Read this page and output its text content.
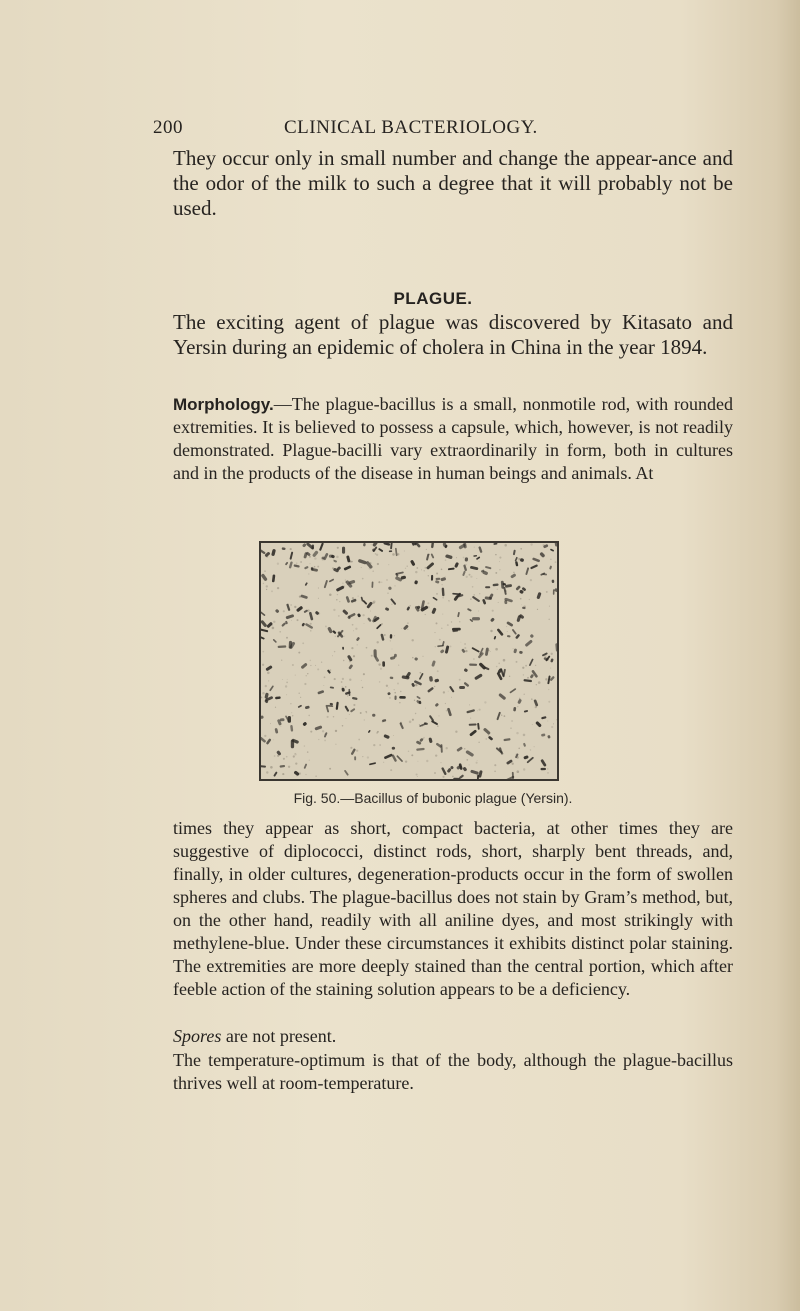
200	CLINICAL BACTERIOLOGY.

They occur only in small number and change the appear-ance and the odor of the milk to such a degree that it will probably not be used.

PLAGUE.

The exciting agent of plague was discovered by Kitasato and Yersin during an epidemic of cholera in China in the year 1894.

Morphology.—The plague-bacillus is a small, nonmotile rod, with rounded extremities. It is believed to possess a capsule, which, however, is not readily demonstrated. Plague-bacilli vary extraordinarily in form, both in cultures and in the products of the disease in human beings and animals. At

Fig. 50.—Bacillus of bubonic plague (Yersin).

times they appear as short, compact bacteria, at other times they are suggestive of diplococci, distinct rods, short, sharply bent threads, and, finally, in older cultures, degeneration-products occur in the form of swollen spheres and clubs. The plague-bacillus does not stain by Gram’s method, but, on the other hand, readily with all aniline dyes, and most strikingly with methylene-blue. Under these circumstances it exhibits distinct polar staining. The extremities are more deeply stained than the central portion, which after feeble action of the staining solution appears to be a deficiency.

Spores are not present.

The temperature-optimum is that of the body, although the plague-bacillus thrives well at room-temperature.
